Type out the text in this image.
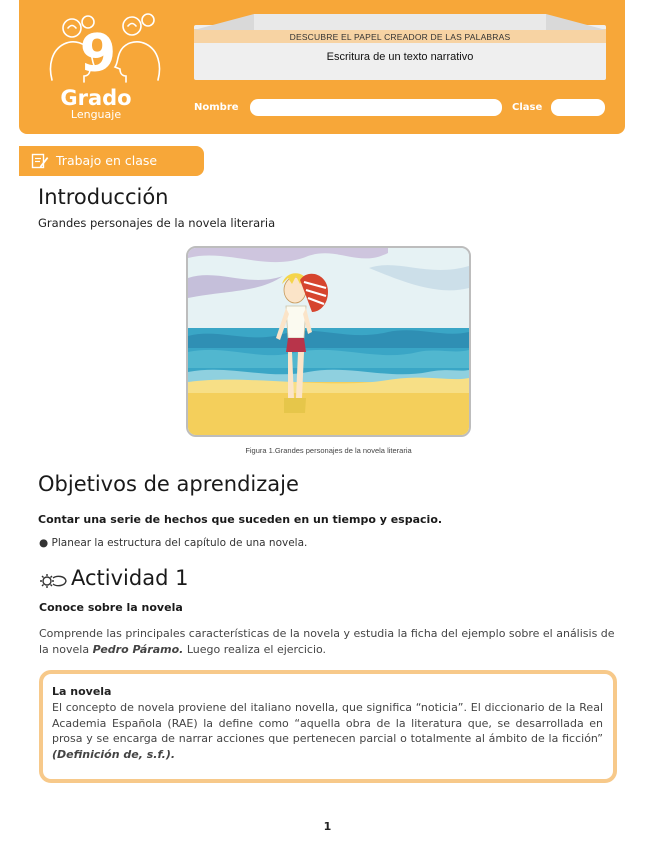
9
Grado
Lenguaje
DESCUBRE EL PAPEL CREADOR DE LAS PALABRAS
Escritura de un texto narrativo
Nombre	Clase
Trabajo en clase
Introducción
Grandes personajes de la novela literaria
Figura 1.Grandes personajes de la novela literaria
Objetivos de aprendizaje
Contar una serie de hechos que suceden en un tiempo y espacio.
● Planear la estructura del capítulo de una novela.
Actividad 1
Conoce sobre la novela
Comprende las principales características de la novela y estudia la ficha del ejemplo sobre el análisis de la novela Pedro Páramo. Luego realiza el ejercicio.
La novela
El concepto de novela proviene del italiano novella, que significa “noticia”. El diccionario de la Real Academia Española (RAE) la define como “aquella obra de la literatura que, se desarrollada en prosa y se encarga de narrar acciones que pertenecen parcial o totalmente al ámbito de la ficción” (Definición de, s.f.).
1
